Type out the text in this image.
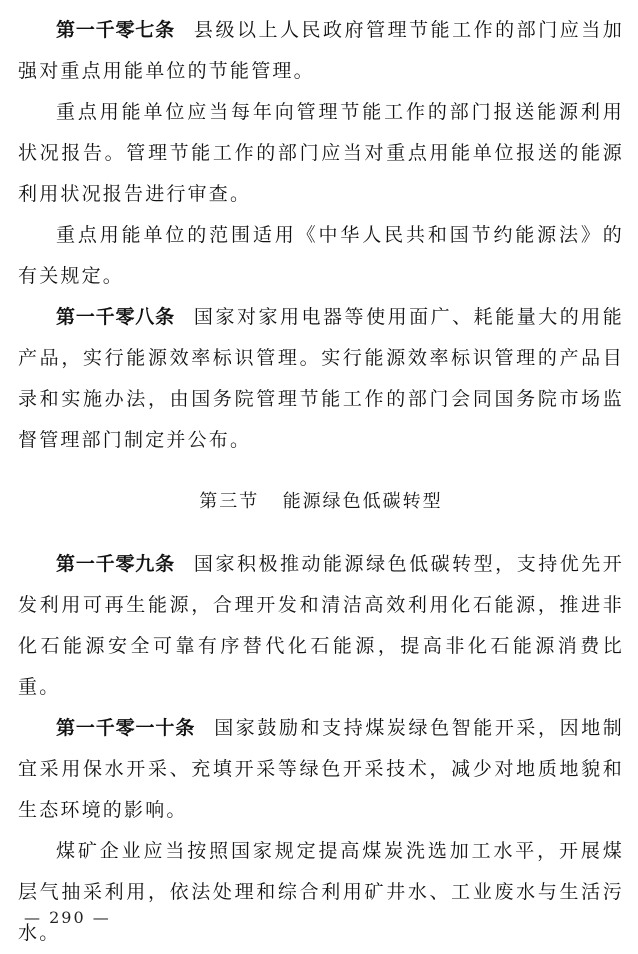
第一千零七条 县级以上人民政府管理节能工作的部门应当加强对重点用能单位的节能管理。

重点用能单位应当每年向管理节能工作的部门报送能源利用状况报告。管理节能工作的部门应当对重点用能单位报送的能源利用状况报告进行审查。

重点用能单位的范围适用《中华人民共和国节约能源法》的有关规定。

第一千零八条 国家对家用电器等使用面广、耗能量大的用能产品，实行能源效率标识管理。实行能源效率标识管理的产品目录和实施办法，由国务院管理节能工作的部门会同国务院市场监督管理部门制定并公布。

第三节 能源绿色低碳转型

第一千零九条 国家积极推动能源绿色低碳转型，支持优先开发利用可再生能源，合理开发和清洁高效利用化石能源，推进非化石能源安全可靠有序替代化石能源，提高非化石能源消费比重。

第一千零一十条 国家鼓励和支持煤炭绿色智能开采，因地制宜采用保水开采、充填开采等绿色开采技术，减少对地质地貌和生态环境的影响。

煤矿企业应当按照国家规定提高煤炭洗选加工水平，开展煤层气抽采利用，依法处理和综合利用矿井水、工业废水与生活污水。

— 290 —
